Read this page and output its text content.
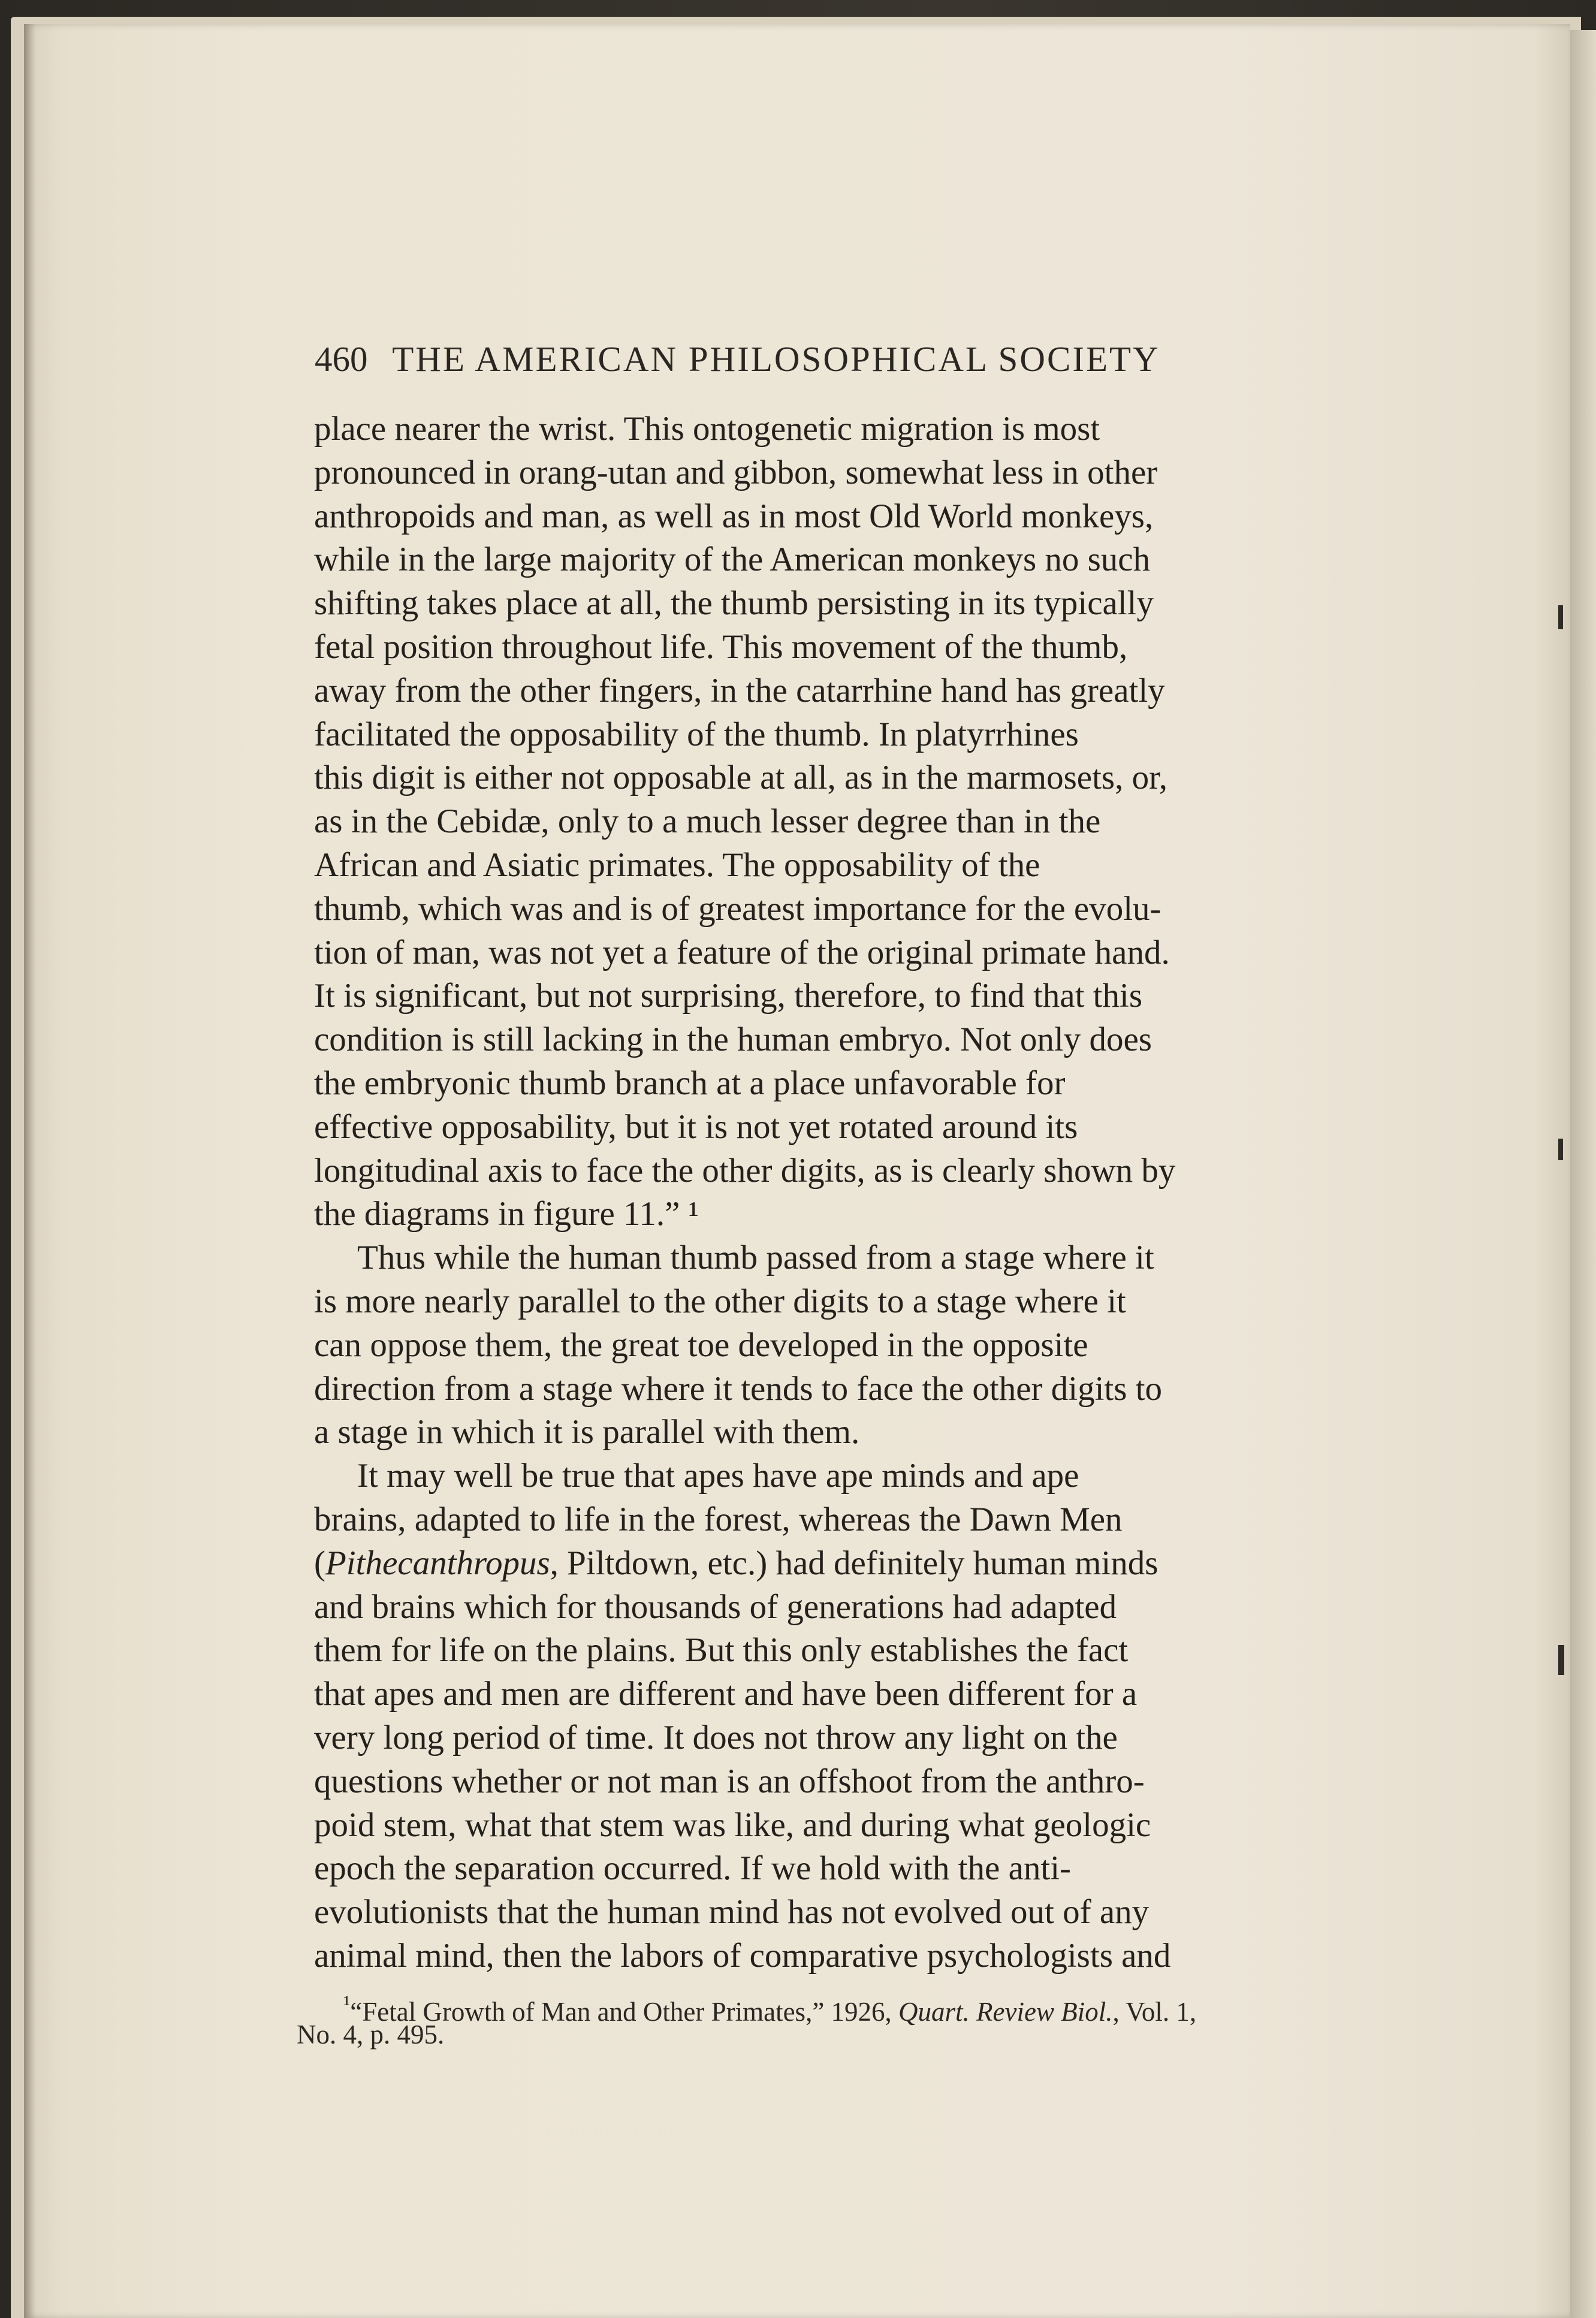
460 THE AMERICAN PHILOSOPHICAL SOCIETY
place nearer the wrist. This ontogenetic migration is most
pronounced in orang-utan and gibbon, somewhat less in other
anthropoids and man, as well as in most Old World monkeys,
while in the large majority of the American monkeys no such
shifting takes place at all, the thumb persisting in its typically
fetal position throughout life. This movement of the thumb,
away from the other fingers, in the catarrhine hand has greatly
facilitated the opposability of the thumb. In platyrrhines
this digit is either not opposable at all, as in the marmosets, or,
as in the Cebidæ, only to a much lesser degree than in the
African and Asiatic primates. The opposability of the
thumb, which was and is of greatest importance for the evolu-
tion of man, was not yet a feature of the original primate hand.
It is significant, but not surprising, therefore, to find that this
condition is still lacking in the human embryo. Not only does
the embryonic thumb branch at a place unfavorable for
effective opposability, but it is not yet rotated around its
longitudinal axis to face the other digits, as is clearly shown by
the diagrams in figure 11.” ¹
Thus while the human thumb passed from a stage where it
is more nearly parallel to the other digits to a stage where it
can oppose them, the great toe developed in the opposite
direction from a stage where it tends to face the other digits to
a stage in which it is parallel with them.
It may well be true that apes have ape minds and ape
brains, adapted to life in the forest, whereas the Dawn Men
(Pithecanthropus, Piltdown, etc.) had definitely human minds
and brains which for thousands of generations had adapted
them for life on the plains. But this only establishes the fact
that apes and men are different and have been different for a
very long period of time. It does not throw any light on the
questions whether or not man is an offshoot from the anthro-
poid stem, what that stem was like, and during what geologic
epoch the separation occurred. If we hold with the anti-
evolutionists that the human mind has not evolved out of any
animal mind, then the labors of comparative psychologists and
$^{^1}$“Fetal Growth of Man and Other Primates,” 1926, Quart. Review Biol., Vol. 1,
No. 4, p. 495.
